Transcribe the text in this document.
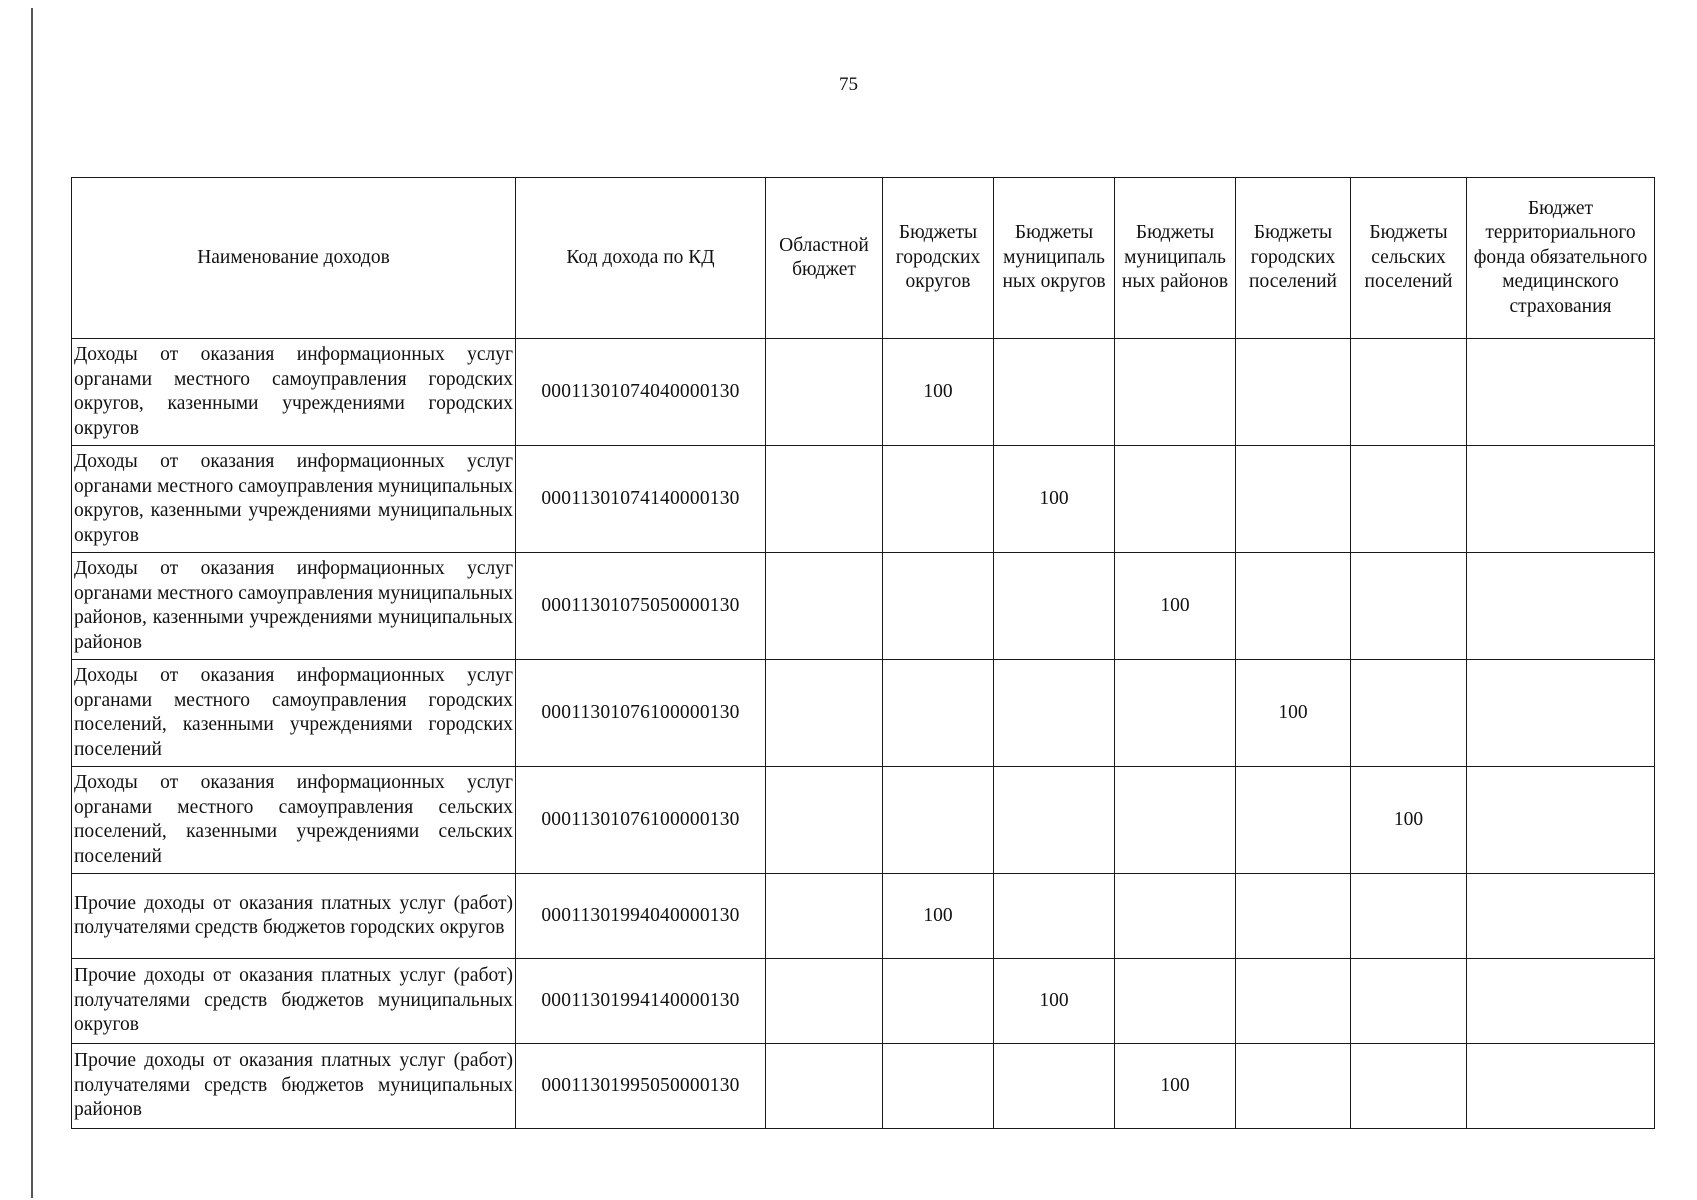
75
Наименование доходов	Код дохода по КД	Областной бюджет	Бюджеты городских округов	Бюджеты муниципаль ных округов	Бюджеты муниципаль ных районов	Бюджеты городских поселений	Бюджеты сельских поселений	Бюджет территориального фонда обязательного медицинского страхования
Доходы от оказания информационных услуг органами местного самоуправления городских округов, казенными учреждениями городских округов	00011301074040000130		100					
Доходы от оказания информационных услуг органами местного самоуправления муниципальных округов, казенными учреждениями муниципальных округов	00011301074140000130			100				
Доходы от оказания информационных услуг органами местного самоуправления муниципальных районов, казенными учреждениями муниципальных районов	00011301075050000130				100			
Доходы от оказания информационных услуг органами местного самоуправления городских поселений, казенными учреждениями городских поселений	00011301076100000130					100		
Доходы от оказания информационных услуг органами местного самоуправления сельских поселений, казенными учреждениями сельских поселений	00011301076100000130						100	
Прочие доходы от оказания платных услуг (работ) получателями средств бюджетов городских округов	00011301994040000130		100					
Прочие доходы от оказания платных услуг (работ) получателями средств бюджетов муниципальных округов	00011301994140000130			100				
Прочие доходы от оказания платных услуг (работ) получателями средств бюджетов муниципальных районов	00011301995050000130				100			
